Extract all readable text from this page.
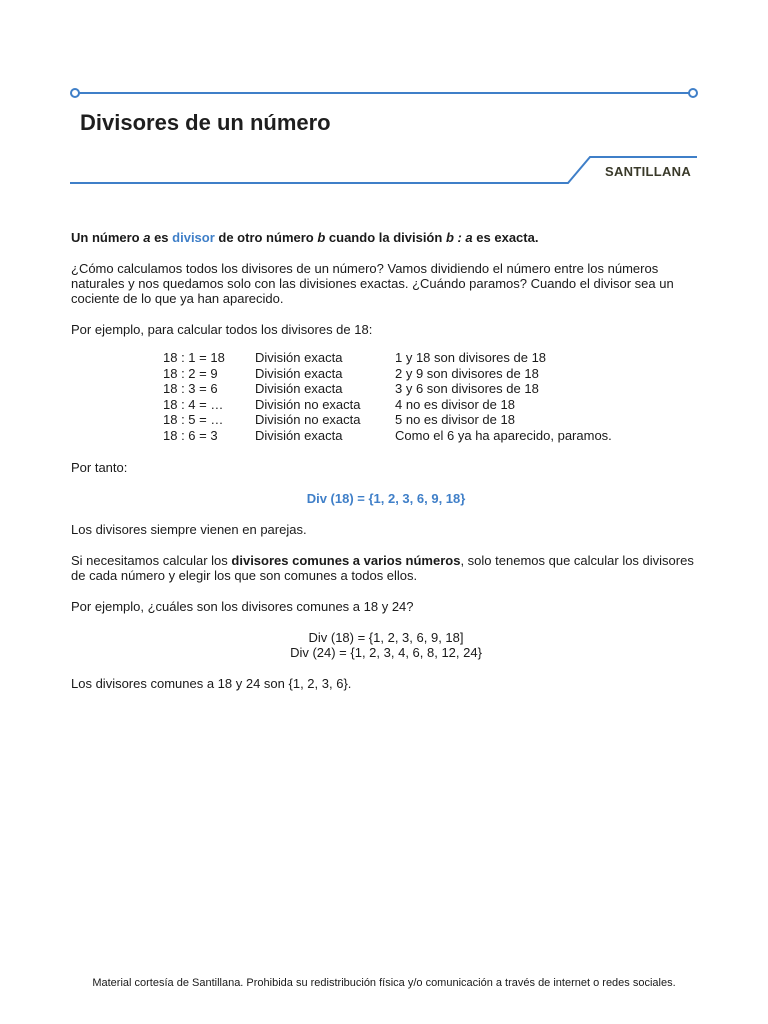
Divisores de un número
SANTILLANA

Un número a es divisor de otro número b cuando la división b : a es exacta.

¿Cómo calculamos todos los divisores de un número? Vamos dividiendo el número entre los números naturales y nos quedamos solo con las divisiones exactas. ¿Cuándo paramos? Cuando el divisor sea un cociente de lo que ya han aparecido.

Por ejemplo, para calcular todos los divisores de 18:

18 : 1 = 18	División exacta	1 y 18 son divisores de 18
18 : 2 = 9	División exacta	2 y 9 son divisores de 18
18 : 3 = 6	División exacta	3 y 6 son divisores de 18
18 : 4 = …	División no exacta	4 no es divisor de 18
18 : 5 = …	División no exacta	5 no es divisor de 18
18 : 6 = 3	División exacta	Como el 6 ya ha aparecido, paramos.

Por tanto:

Div (18) = {1, 2, 3, 6, 9, 18}

Los divisores siempre vienen en parejas.

Si necesitamos calcular los divisores comunes a varios números, solo tenemos que calcular los divisores de cada número y elegir los que son comunes a todos ellos.

Por ejemplo, ¿cuáles son los divisores comunes a 18 y 24?

Div (18) = {1, 2, 3, 6, 9, 18]

Div (24) = {1, 2, 3, 4, 6, 8, 12, 24}

Los divisores comunes a 18 y 24 son {1, 2, 3, 6}.

Material cortesía de Santillana. Prohibida su redistribución física y/o comunicación a través de internet o redes sociales.
